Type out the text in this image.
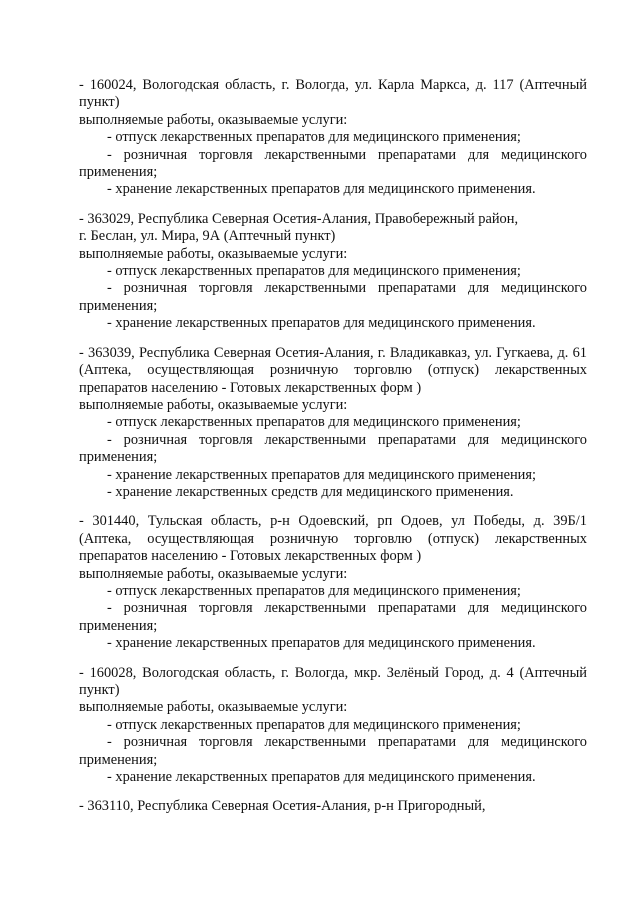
- 160024, Вологодская область, г. Вологда, ул. Карла Маркса, д. 117 (Аптечный пункт)

выполняемые работы, оказываемые услуги:

- отпуск лекарственных препаратов для медицинского применения;

- розничная торговля лекарственными препаратами для медицинского применения;

- хранение лекарственных препаратов для медицинского применения.

- 363029, Республика Северная Осетия-Алания, Правобережный район,

г. Беслан, ул. Мира, 9А (Аптечный пункт)

выполняемые работы, оказываемые услуги:

- отпуск лекарственных препаратов для медицинского применения;

- розничная торговля лекарственными препаратами для медицинского применения;

- хранение лекарственных препаратов для медицинского применения.

- 363039, Республика Северная Осетия-Алания, г. Владикавказ, ул. Гугкаева, д. 61 (Аптека, осуществляющая розничную торговлю (отпуск) лекарственных препаратов населению - Готовых лекарственных форм )

выполняемые работы, оказываемые услуги:

- отпуск лекарственных препаратов для медицинского применения;

- розничная торговля лекарственными препаратами для медицинского применения;

- хранение лекарственных препаратов для медицинского применения;

- хранение лекарственных средств для медицинского применения.

- 301440, Тульская область, р-н Одоевский, рп Одоев, ул Победы, д. 39Б/1 (Аптека, осуществляющая розничную торговлю (отпуск) лекарственных препаратов населению - Готовых лекарственных форм )

выполняемые работы, оказываемые услуги:

- отпуск лекарственных препаратов для медицинского применения;

- розничная торговля лекарственными препаратами для медицинского применения;

- хранение лекарственных препаратов для медицинского применения.

- 160028, Вологодская область, г. Вологда, мкр. Зелёный Город, д. 4 (Аптечный пункт)

выполняемые работы, оказываемые услуги:

- отпуск лекарственных препаратов для медицинского применения;

- розничная торговля лекарственными препаратами для медицинского применения;

- хранение лекарственных препаратов для медицинского применения.

- 363110, Республика Северная Осетия-Алания, р-н Пригородный,
